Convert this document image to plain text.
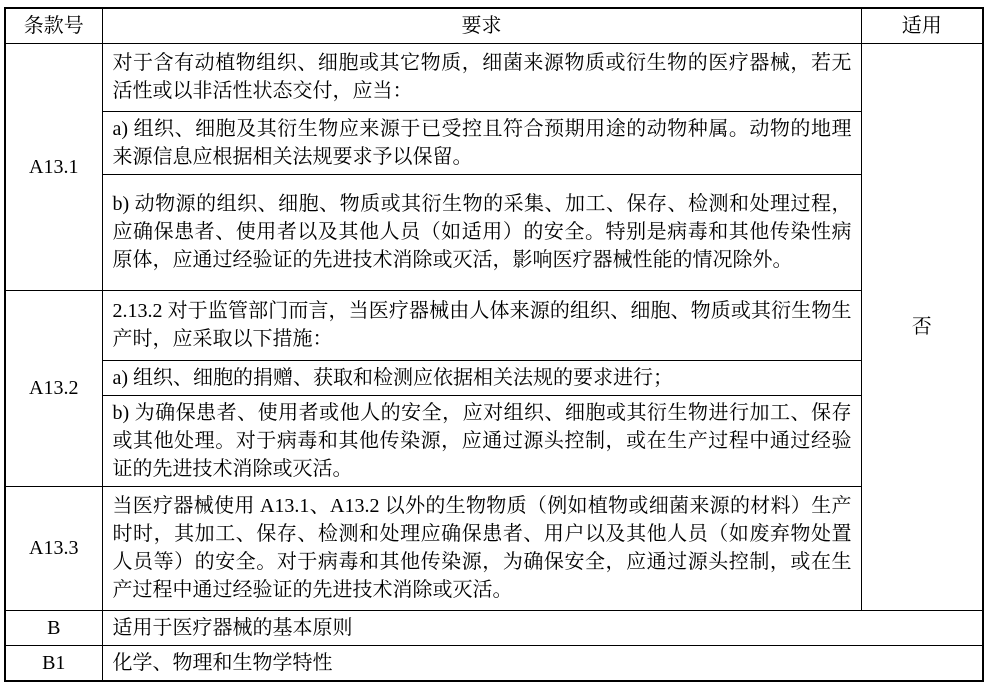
条款号	要求	适用
A13.1	对于含有动植物组织、细胞或其它物质，细菌来源物质或衍生物的医疗器械，若无活性或以非活性状态交付，应当：	否
	a) 组织、细胞及其衍生物应来源于已受控且符合预期用途的动物种属。动物的地理来源信息应根据相关法规要求予以保留。	
	b) 动物源的组织、细胞、物质或其衍生物的采集、加工、保存、检测和处理过程，应确保患者、使用者以及其他人员（如适用）的安全。特别是病毒和其他传染性病原体，应通过经验证的先进技术消除或灭活，影响医疗器械性能的情况除外。	
A13.2	2.13.2 对于监管部门而言，当医疗器械由人体来源的组织、细胞、物质或其衍生物生产时，应采取以下措施：	
	a) 组织、细胞的捐赠、获取和检测应依据相关法规的要求进行；	
	b) 为确保患者、使用者或他人的安全，应对组织、细胞或其衍生物进行加工、保存或其他处理。对于病毒和其他传染源，应通过源头控制，或在生产过程中通过经验证的先进技术消除或灭活。	
A13.3	当医疗器械使用 A13.1、A13.2 以外的生物物质（例如植物或细菌来源的材料）生产时时，其加工、保存、检测和处理应确保患者、用户以及其他人员（如废弃物处置人员等）的安全。对于病毒和其他传染源，为确保安全，应通过源头控制，或在生产过程中通过经验证的先进技术消除或灭活。	
B	适用于医疗器械的基本原则	
B1	化学、物理和生物学特性	
